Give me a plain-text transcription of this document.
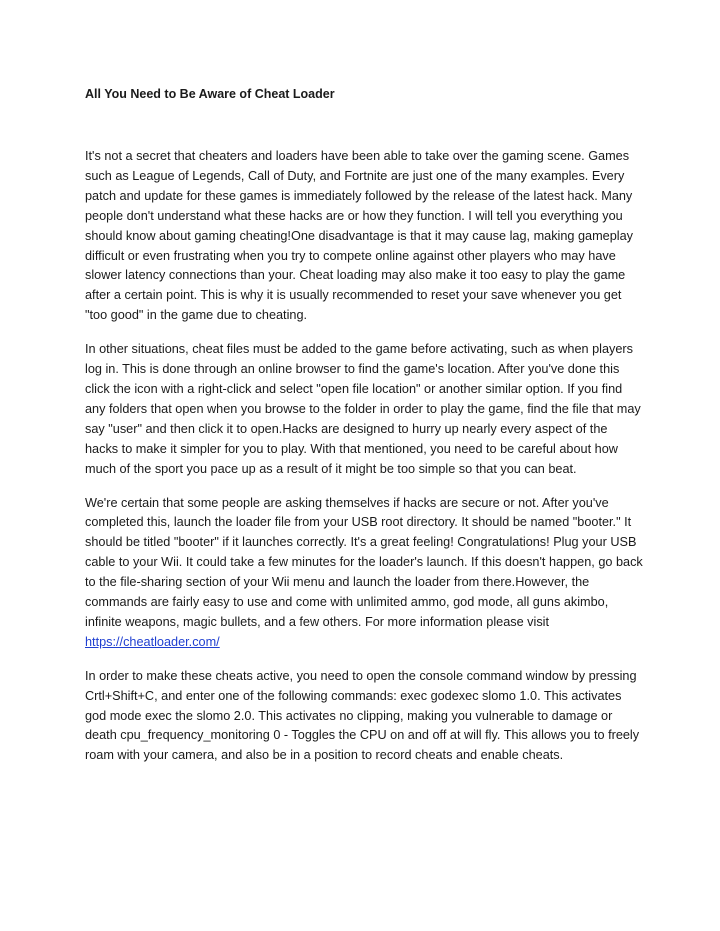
All You Need to Be Aware of Cheat Loader

It's not a secret that cheaters and loaders have been able to take over the gaming scene. Games such as League of Legends, Call of Duty, and Fortnite are just one of the many examples. Every patch and update for these games is immediately followed by the release of the latest hack. Many people don't understand what these hacks are or how they function. I will tell you everything you should know about gaming cheating!One disadvantage is that it may cause lag, making gameplay difficult or even frustrating when you try to compete online against other players who may have slower latency connections than your. Cheat loading may also make it too easy to play the game after a certain point. This is why it is usually recommended to reset your save whenever you get "too good" in the game due to cheating.

In other situations, cheat files must be added to the game before activating, such as when players log in. This is done through an online browser to find the game's location. After you've done this click the icon with a right-click and select "open file location" or another similar option. If you find any folders that open when you browse to the folder in order to play the game, find the file that may say "user" and then click it to open.Hacks are designed to hurry up nearly every aspect of the hacks to make it simpler for you to play. With that mentioned, you need to be careful about how much of the sport you pace up as a result of it might be too simple so that you can beat.

We're certain that some people are asking themselves if hacks are secure or not. After you've completed this, launch the loader file from your USB root directory. It should be named "booter." It should be titled "booter" if it launches correctly. It's a great feeling! Congratulations! Plug your USB cable to your Wii. It could take a few minutes for the loader's launch. If this doesn't happen, go back to the file-sharing section of your Wii menu and launch the loader from there.However, the commands are fairly easy to use and come with unlimited ammo, god mode, all guns akimbo, infinite weapons, magic bullets, and a few others. For more information please visit https://cheatloader.com/

In order to make these cheats active, you need to open the console command window by pressing Crtl+Shift+C, and enter one of the following commands: exec godexec slomo 1.0. This activates god mode exec the slomo 2.0. This activates no clipping, making you vulnerable to damage or death cpu_frequency_monitoring 0 - Toggles the CPU on and off at will fly. This allows you to freely roam with your camera, and also be in a position to record cheats and enable cheats.
